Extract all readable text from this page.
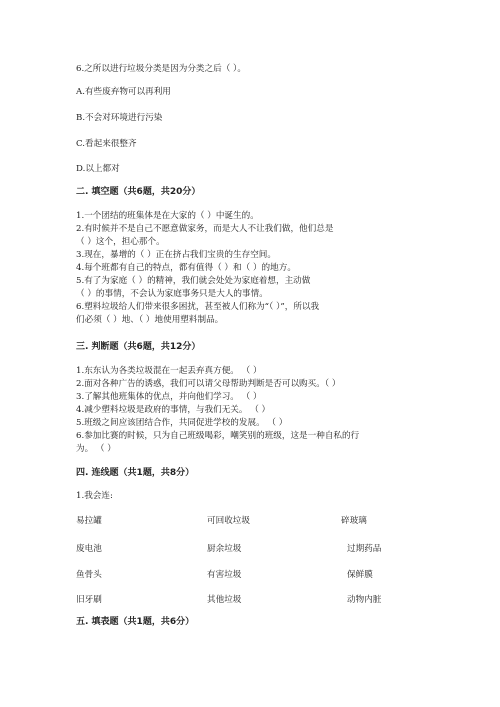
6.之所以进行垃圾分类是因为分类之后（ ）。
A.有些废弃物可以再利用
B.不会对环境进行污染
C.看起来很整齐
D.以上都对
二. 填空题（共6题，共20分）
1.一个团结的班集体是在大家的（ ）中诞生的。
2.有时候并不是自己不愿意做家务，而是大人不让我们做，他们总是
（ ）这个，担心那个。
3.现在，暴增的（ ）正在挤占我们宝贵的生存空间。
4.每个班都有自己的特点，都有值得（ ）和（ ）的地方。
5.有了为家庭（ ）的精神，我们就会处处为家庭着想，主动做
（ ）的事情，不会认为家庭事务只是大人的事情。
6.塑料垃圾给人们带来很多困扰，甚至被人们称为“（ ）”，所以我
们必须（ ）地、（ ）地使用塑料制品。
三. 判断题（共6题，共12分）
1.东东认为各类垃圾混在一起丢弃真方便。 （ ）
2.面对各种广告的诱惑，我们可以请父母帮助判断是否可以购买。（ ）
3.了解其他班集体的优点，并向他们学习。 （ ）
4.减少塑料垃圾是政府的事情，与我们无关。 （ ）
5.班级之间应该团结合作，共同促进学校的发展。 （ ）
6.参加比赛的时候，只为自己班级喝彩，嘲笑别的班级，这是一种自私的行
为。 （ ）
四. 连线题（共1题，共8分）
1.我会连:
易拉罐	可回收垃圾	碎玻璃
废电池	厨余垃圾	过期药品
鱼骨头	有害垃圾	保鲜膜
旧牙刷	其他垃圾	动物内脏
五. 填表题（共1题，共6分）
